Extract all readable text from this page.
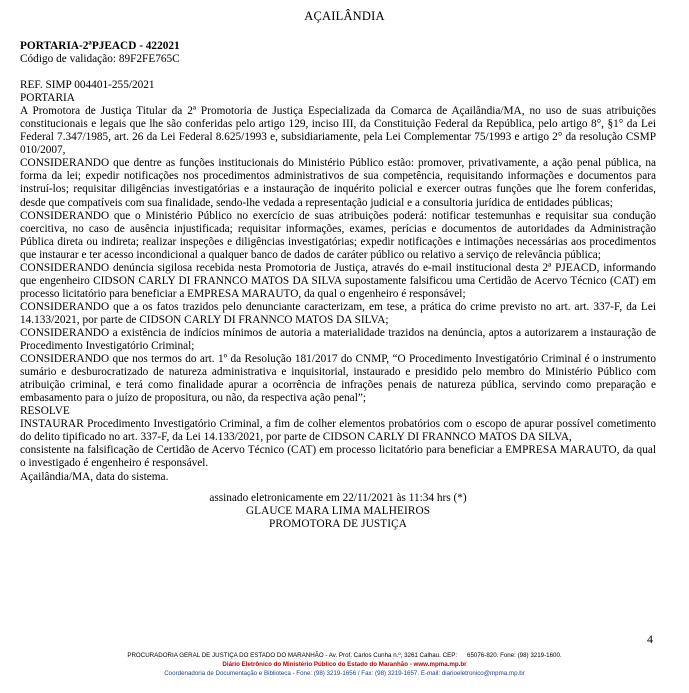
AÇAILÂNDIA

PORTARIA-2ªPJEACD - 422021

Código de validação: 89F2FE765C

REF. SIMP 004401-255/2021

PORTARIA

A Promotora de Justiça Titular da 2ª Promotoria de Justiça Especializada da Comarca de Açailândia/MA, no uso de suas atribuições constitucionais e legais que lhe são conferidas pelo artigo 129, inciso III, da Constituição Federal da República, pelo artigo 8°, §1° da Lei Federal 7.347/1985, art. 26 da Lei Federal 8.625/1993 e, subsidiariamente, pela Lei Complementar 75/1993 e artigo 2° da resolução CSMP 010/2007,

CONSIDERANDO que dentre as funções institucionais do Ministério Público estão: promover, privativamente, a ação penal pública, na forma da lei; expedir notificações nos procedimentos administrativos de sua competência, requisitando informações e documentos para instruí-los; requisitar diligências investigatórias e a instauração de inquérito policial e exercer outras funções que lhe forem conferidas, desde que compatíveis com sua finalidade, sendo-lhe vedada a representação judicial e a consultoria jurídica de entidades públicas;

CONSIDERANDO que o Ministério Público no exercício de suas atribuições poderá: notificar testemunhas e requisitar sua condução coercitiva, no caso de ausência injustificada; requisitar informações, exames, perícias e documentos de autoridades da Administração Pública direta ou indireta; realizar inspeções e diligências investigatórias; expedir notificações e intimações necessárias aos procedimentos que instaurar e ter acesso incondicional a qualquer banco de dados de caráter público ou relativo a serviço de relevância pública;

CONSIDERANDO denúncia sigilosa recebida nesta Promotoria de Justiça, através do e-mail institucional desta 2ª PJEACD, informando que engenheiro CIDSON CARLY DI FRANNCO MATOS DA SILVA supostamente falsificou uma Certidão de Acervo Técnico (CAT) em processo licitatório para beneficiar a EMPRESA MARAUTO, da qual o engenheiro é responsável;

CONSIDERANDO que a os fatos trazidos pelo denunciante caracterizam, em tese, a prática do crime previsto no art. art. 337-F, da Lei 14.133/2021, por parte de CIDSON CARLY DI FRANNCO MATOS DA SILVA;

CONSIDERANDO a existência de indícios mínimos de autoria a materialidade trazidos na denúncia, aptos a autorizarem a instauração de Procedimento Investigatório Criminal;

CONSIDERANDO que nos termos do art. 1º da Resolução 181/2017 do CNMP, “O Procedimento Investigatório Criminal é o instrumento sumário e desburocratizado de natureza administrativa e inquisitorial, instaurado e presidido pelo membro do Ministério Público com atribuição criminal, e terá como finalidade apurar a ocorrência de infrações penais de natureza pública, servindo como preparação e embasamento para o juízo de propositura, ou não, da respectiva ação penal”;

RESOLVE

INSTAURAR Procedimento Investigatório Criminal, a fim de colher elementos probatórios com o escopo de apurar possível cometimento do delito tipificado no art. 337-F, da Lei 14.133/2021, por parte de CIDSON CARLY DI FRANNCO MATOS DA SILVA,

consistente na falsificação de Certidão de Acervo Técnico (CAT) em processo licitatório para beneficiar a EMPRESA MARAUTO, da qual o investigado é engenheiro é responsável.

Açailândia/MA, data do sistema.

assinado eletronicamente em 22/11/2021 às 11:34 hrs (*)

GLAUCE MARA LIMA MALHEIROS

PROMOTORA DE JUSTIÇA

4
PROCURADORIA GERAL DE JUSTIÇA DO ESTADO DO MARANHÃO - Av. Prof. Carlos Cunha n.º, 3261 Calhau. CEP: 65076-820. Fone: (98) 3219-1600.
Diário Eletrônico do Ministério Público do Estado do Maranhão - www.mpma.mp.br
Coordenadoria de Documentação e Biblioteca - Fone: (98) 3219-1656 / Fax: (98) 3219-1657. E-mail: diarioeletronico@mpma.mp.br
